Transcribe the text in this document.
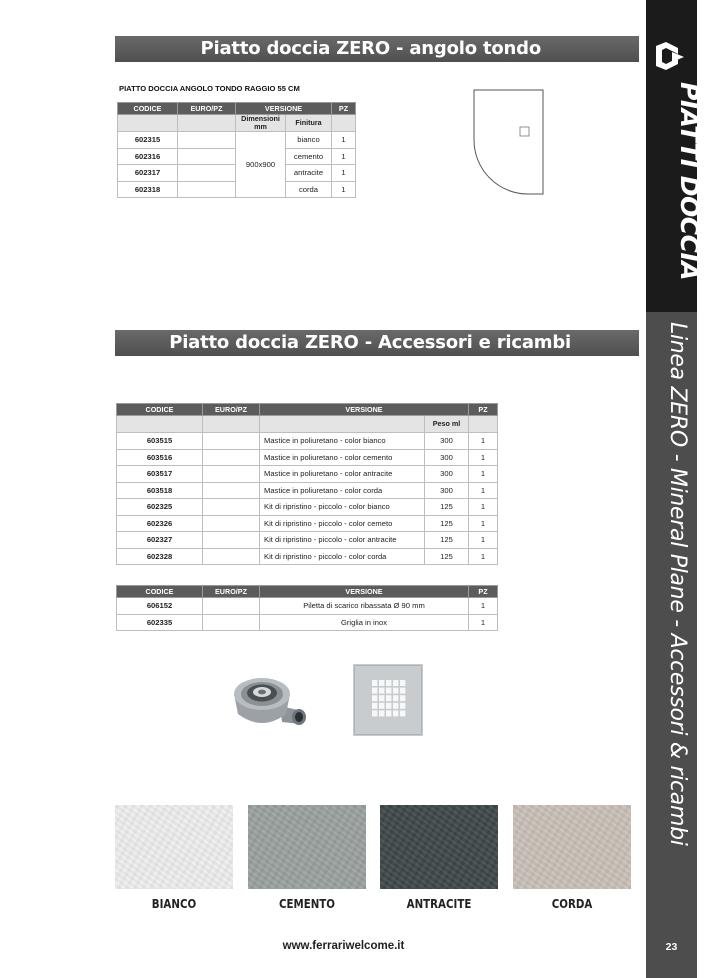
Piatto doccia ZERO - angolo tondo
PIATTO DOCCIA ANGOLO TONDO RAGGIO 55 CM
CODICE	EURO/PZ	VERSIONE		PZ
		Dimensioni mm	Finitura	
602315		900x900	bianco	1
602316			cemento	1
602317			antracite	1
602318			corda	1
Piatto doccia ZERO - Accessori e ricambi
CODICE	EURO/PZ	VERSIONE		PZ
			Peso ml	
603515		Mastice in poliuretano - color bianco	300	1
603516		Mastice in poliuretano - color cemento	300	1
603517		Mastice in poliuretano - color antracite	300	1
603518		Mastice in poliuretano - color corda	300	1
602325		Kit di ripristino - piccolo - color bianco	125	1
602326		Kit di ripristino - piccolo - color cemeto	125	1
602327		Kit di ripristino - piccolo - color antracite	125	1
602328		Kit di ripristino - piccolo - color corda	125	1
CODICE	EURO/PZ	VERSIONE	PZ
606152		Piletta di scarico ribassata Ø 90 mm	1
602335		Griglia in inox	1
BIANCO	CEMENTO	ANTRACITE	CORDA
www.ferrariwelcome.it
PIATTI DOCCIA
Linea ZERO - Mineral Plane - Accessori & ricambi
23
